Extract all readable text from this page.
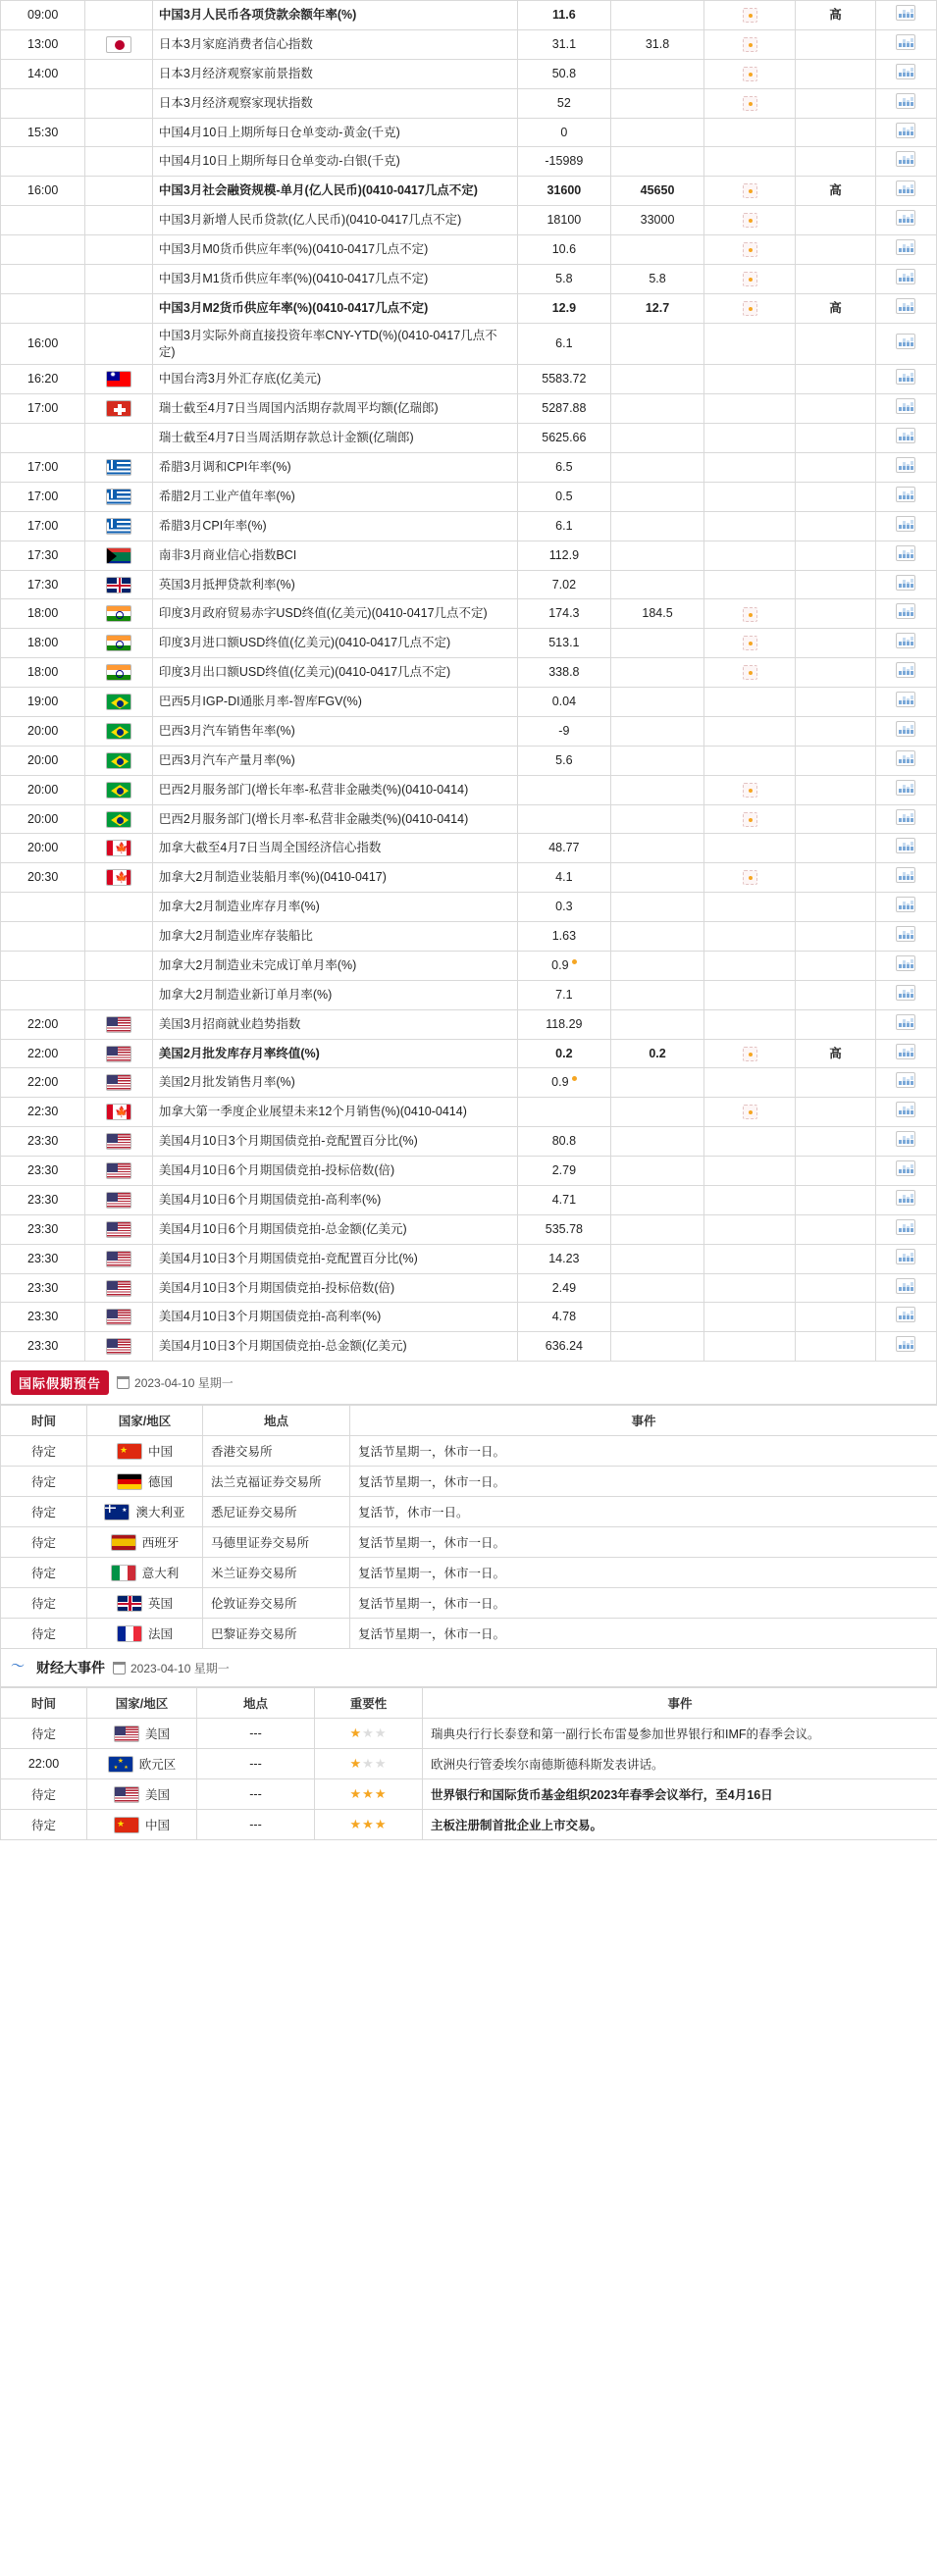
09:00		中国3月人民币各项贷款余额年率(%)	11.6			高	
13:00		日本3月家庭消费者信心指数	31.1	31.8			
14:00		日本3月经济观察家前景指数	50.8				
		日本3月经济观察家现状指数	52				
15:30		中国4月10日上期所每日仓单变动-黄金(千克)	0				
		中国4月10日上期所每日仓单变动-白银(千克)	-15989				
16:00		中国3月社会融资规模-单月(亿人民币)(0410-0417几点不定)	31600	45650		高	
		中国3月新增人民币贷款(亿人民币)(0410-0417几点不定)	18100	33000			
		中国3月M0货币供应年率(%)(0410-0417几点不定)	10.6				
		中国3月M1货币供应年率(%)(0410-0417几点不定)	5.8	5.8			
		中国3月M2货币供应年率(%)(0410-0417几点不定)	12.9	12.7		高	
16:00		中国3月实际外商直接投资年率CNY-YTD(%)(0410-0417几点不定)	6.1				
16:20	✹	中国台湾3月外汇存底(亿美元)	5583.72				
17:00		瑞士截至4月7日当周国内活期存款周平均额(亿瑞郎)	5287.88				
		瑞士截至4月7日当周活期存款总计金额(亿瑞郎)	5625.66				
17:00		希腊3月调和CPI年率(%)	6.5				
17:00		希腊2月工业产值年率(%)	0.5				
17:00		希腊3月CPI年率(%)	6.1				
17:30		南非3月商业信心指数BCI	112.9				
17:30		英国3月抵押贷款利率(%)	7.02				
18:00		印度3月政府贸易赤字USD终值(亿美元)(0410-0417几点不定)	174.3	184.5			
18:00		印度3月进口额USD终值(亿美元)(0410-0417几点不定)	513.1				
18:00		印度3月出口额USD终值(亿美元)(0410-0417几点不定)	338.8				
19:00		巴西5月IGP-DI通胀月率-智库FGV(%)	0.04				
20:00		巴西3月汽车销售年率(%)	-9				
20:00		巴西3月汽车产量月率(%)	5.6				
20:00		巴西2月服务部门(增长年率-私营非金融类(%)(0410-0414)					
20:00		巴西2月服务部门(增长月率-私营非金融类(%)(0410-0414)					
20:00	🍁	加拿大截至4月7日当周全国经济信心指数	48.77				
20:30	🍁	加拿大2月制造业装船月率(%)(0410-0417)	4.1				
		加拿大2月制造业库存月率(%)	0.3				
		加拿大2月制造业库存装船比	1.63				
		加拿大2月制造业未完成订单月率(%)	0.9				
		加拿大2月制造业新订单月率(%)	7.1				
22:00		美国3月招商就业趋势指数	118.29				
22:00		美国2月批发库存月率终值(%)	0.2	0.2		高	
22:00		美国2月批发销售月率(%)	0.9				
22:30	🍁	加拿大第一季度企业展望未来12个月销售(%)(0410-0414)					
23:30		美国4月10日3个月期国债竞拍-竞配置百分比(%)	80.8				
23:30		美国4月10日6个月期国债竞拍-投标倍数(倍)	2.79				
23:30		美国4月10日6个月期国债竞拍-高利率(%)	4.71				
23:30		美国4月10日6个月期国债竞拍-总金额(亿美元)	535.78				
23:30		美国4月10日3个月期国债竞拍-竞配置百分比(%)	14.23				
23:30		美国4月10日3个月期国债竞拍-投标倍数(倍)	2.49				
23:30		美国4月10日3个月期国债竞拍-高利率(%)	4.78				
23:30		美国4月10日3个月期国债竞拍-总金额(亿美元)	636.24				
国际假期预告	2023-04-10 星期一
时间	国家/地区	地点	事件
待定	★中国	香港交易所	复活节星期一，休市一日。
待定	德国	法兰克福证券交易所	复活节星期一，休市一日。
待定	★澳大利亚	悉尼证券交易所	复活节，休市一日。
待定	西班牙	马德里证券交易所	复活节星期一，休市一日。
待定	意大利	米兰证券交易所	复活节星期一，休市一日。
待定	英国	伦敦证券交易所	复活节星期一，休市一日。
待定	法国	巴黎证券交易所	复活节星期一，休市一日。
〜
财经大事件 2023-04-10 星期一
时间	国家/地区	地点	重要性	事件
待定	美国	---	★★★	瑞典央行行长泰登和第一副行长布雷曼参加世界银行和IMF的春季会议。
22:00	★★ ★欧元区	---	★★★	欧洲央行管委埃尔南德斯德科斯发表讲话。
待定	美国	---	★★★	世界银行和国际货币基金组织2023年春季会议举行，至4月16日
待定	★中国	---	★★★	主板注册制首批企业上市交易。
